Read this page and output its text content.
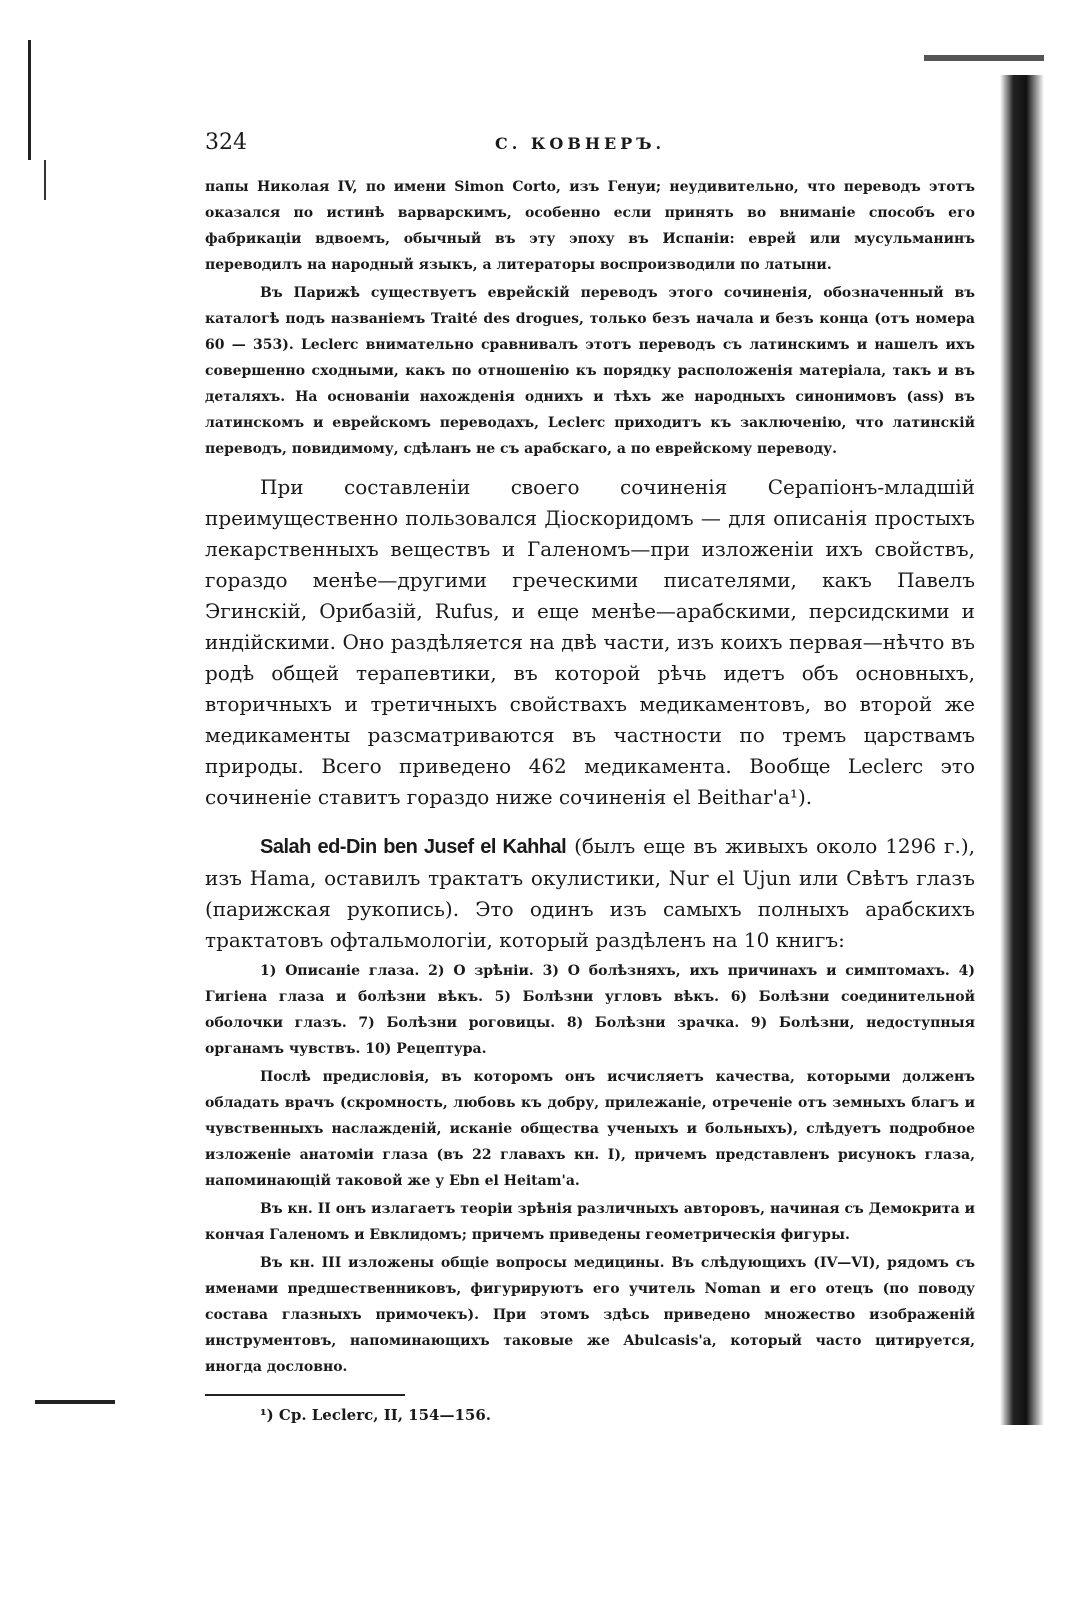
324	С. КОВНЕРЪ.

папы Николая IV, по имени Simon Corto, изъ Генуи; неудивительно, что переводъ этотъ оказался по истинѣ варварскимъ, особенно если принять во вниманіе способъ его фабрикаціи вдвоемъ, обычный въ эту эпоху въ Испаніи: еврей или мусульманинъ переводилъ на народный языкъ, а литераторы воспроизводили по латыни.

Въ Парижѣ существуетъ еврейскій переводъ этого сочиненія, обозначенный въ каталогѣ подъ названіемъ Traité des drogues, только безъ начала и безъ конца (отъ номера 60 — 353). Leclerc внимательно сравнивалъ этотъ переводъ съ латинскимъ и нашелъ ихъ совершенно сходными, какъ по отношенію къ порядку расположенія матеріала, такъ и въ деталяхъ. На основаніи нахожденія однихъ и тѣхъ же народныхъ синонимовъ (ass) въ латинскомъ и еврейскомъ переводахъ, Leclerc приходитъ къ заключенію, что латинскій переводъ, повидимому, сдѣланъ не съ арабскаго, а по еврейскому переводу.

При составленіи своего сочиненія Серапіонъ-младшій преимущественно пользовался Діоскоридомъ — для описанія простыхъ лекарственныхъ веществъ и Галеномъ—при изложеніи ихъ свойствъ, гораздо менѣе—другими греческими писателями, какъ Павелъ Эгинскій, Орибазій, Rufus, и еще менѣе—арабскими, персидскими и индійскими. Оно раздѣляется на двѣ части, изъ коихъ первая—нѣчто въ родѣ общей терапевтики, въ которой рѣчь идетъ объ основныхъ, вторичныхъ и третичныхъ свойствахъ медикаментовъ, во второй же медикаменты разсматриваются въ частности по тремъ царствамъ природы. Всего приведено 462 медикамента. Вообще Leclerc это сочиненіе ставитъ гораздо ниже сочиненія el Beithar'а¹).

Salah ed-Din ben Jusef el Kahhal (былъ еще въ живыхъ около 1296 г.), изъ Hama, оставилъ трактатъ окулистики, Nur el Ujun или Свѣтъ глазъ (парижская рукопись). Это одинъ изъ самыхъ полныхъ арабскихъ трактатовъ офтальмологіи, который раздѣленъ на 10 книгъ:

1) Описаніе глаза. 2) О зрѣніи. 3) О болѣзняхъ, ихъ причинахъ и симптомахъ. 4) Гигіена глаза и болѣзни вѣкъ. 5) Болѣзни угловъ вѣкъ. 6) Болѣзни соединительной оболочки глазъ. 7) Болѣзни роговицы. 8) Болѣзни зрачка. 9) Болѣзни, недоступныя органамъ чувствъ. 10) Рецептура.

Послѣ предисловія, въ которомъ онъ исчисляетъ качества, которыми долженъ обладать врачъ (скромность, любовь къ добру, прилежаніе, отреченіе отъ земныхъ благъ и чувственныхъ наслажденій, исканіе общества ученыхъ и больныхъ), слѣдуетъ подробное изложеніе анатоміи глаза (въ 22 главахъ кн. I), причемъ представленъ рисунокъ глаза, напоминающій таковой же у Ebn el Heitam'а.

Въ кн. II онъ излагаетъ теоріи зрѣнія различныхъ авторовъ, начиная съ Демокрита и кончая Галеномъ и Евклидомъ; причемъ приведены геометрическія фигуры.

Въ кн. III изложены общіе вопросы медицины. Въ слѣдующихъ (IV—VI), рядомъ съ именами предшественниковъ, фигурируютъ его учитель Noman и его отецъ (по поводу состава глазныхъ примочекъ). При этомъ здѣсь приведено множество изображеній инструментовъ, напоминающихъ таковые же Abulcasis'а, который часто цитируется, иногда дословно.

¹) Ср. Leclerc, II, 154—156.
